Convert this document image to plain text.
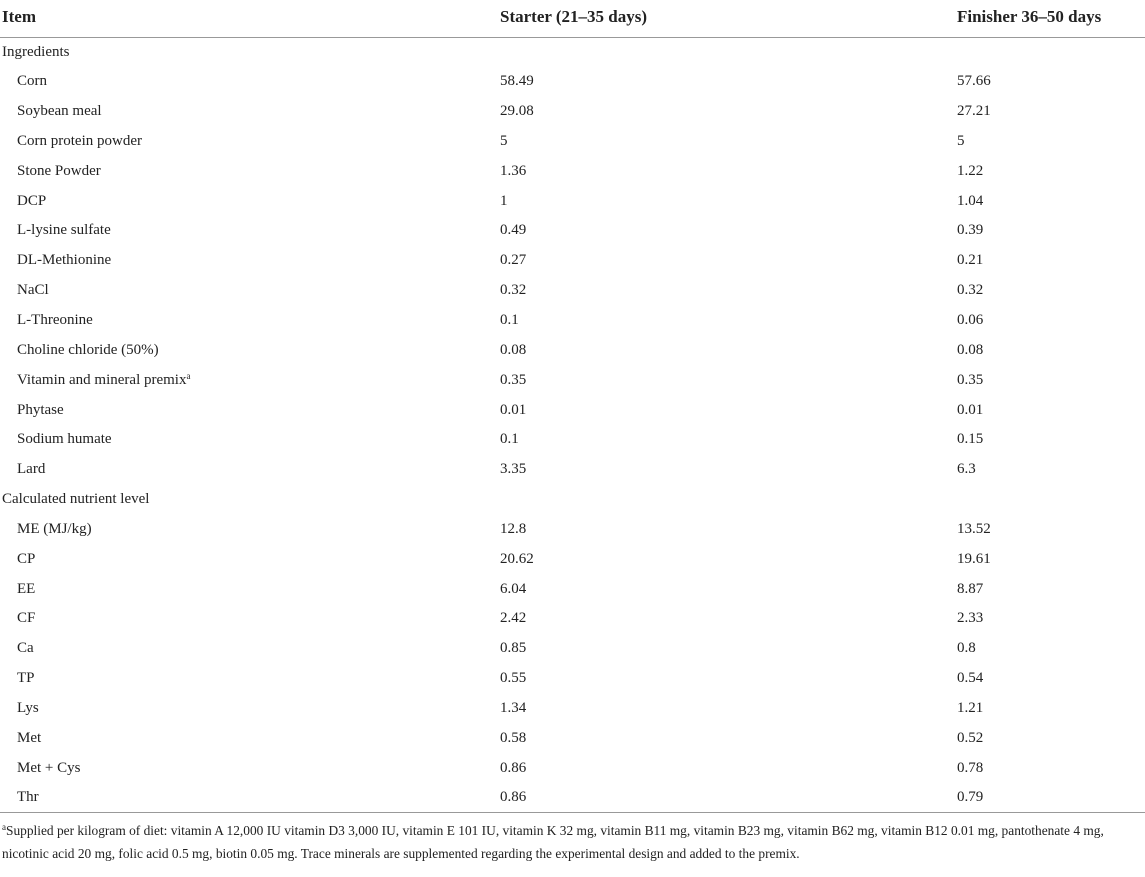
Item	Starter (21–35 days)	Finisher 36–50 days
Ingredients		
Corn	58.49	57.66
Soybean meal	29.08	27.21
Corn protein powder	5	5
Stone Powder	1.36	1.22
DCP	1	1.04
L-lysine sulfate	0.49	0.39
DL-Methionine	0.27	0.21
NaCl	0.32	0.32
L-Threonine	0.1	0.06
Choline chloride (50%)	0.08	0.08
Vitamin and mineral premix$^a$	0.35	0.35
Phytase	0.01	0.01
Sodium humate	0.1	0.15
Lard	3.35	6.3
Calculated nutrient level		
ME (MJ/kg)	12.8	13.52
CP	20.62	19.61
EE	6.04	8.87
CF	2.42	2.33
Ca	0.85	0.8
TP	0.55	0.54
Lys	1.34	1.21
Met	0.58	0.52
Met + Cys	0.86	0.78
Thr	0.86	0.79
$^a$Supplied per kilogram of diet: vitamin A 12,000 IU vitamin D3 3,000 IU, vitamin E 101 IU, vitamin K 32 mg, vitamin B11 mg, vitamin B23 mg, vitamin B62 mg, vitamin B12 0.01 mg, pantothenate 4 mg, nicotinic acid 20 mg, folic acid 0.5 mg, biotin 0.05 mg. Trace minerals are supplemented regarding the experimental design and added to the premix.
